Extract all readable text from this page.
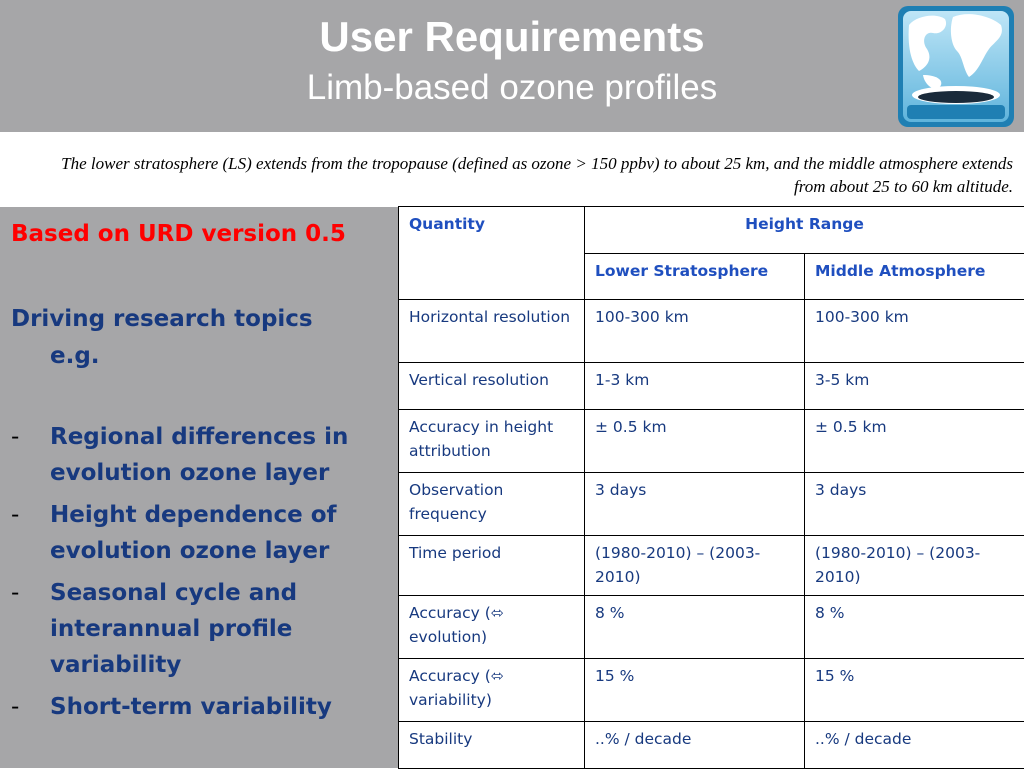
User Requirements
Limb-based ozone profiles
The lower stratosphere (LS) extends from the tropopause (defined as ozone > 150 ppbv) to about 25 km, and the middle atmosphere extends from about 25 to 60 km altitude.
Based on URD version 0.5
Driving research topics
e.g.
- Regional differences in evolution ozone layer
- Height dependence of evolution ozone layer
- Seasonal cycle and interannual profile variability
- Short-term variability
Quantity	Height Range	
	Lower Stratosphere	Middle Atmosphere
Horizontal resolution	100-300 km	100-300 km
Vertical resolution	1-3 km	3-5 km
Accuracy in height attribution	± 0.5 km	± 0.5 km
Observation frequency	3 days	3 days
Time period	(1980-2010) – (2003-2010)	(1980-2010) – (2003-2010)
Accuracy (⬄ evolution)	8 %	8 %
Accuracy (⬄ variability)	15 %	15 %
Stability	..% / decade	..% / decade
